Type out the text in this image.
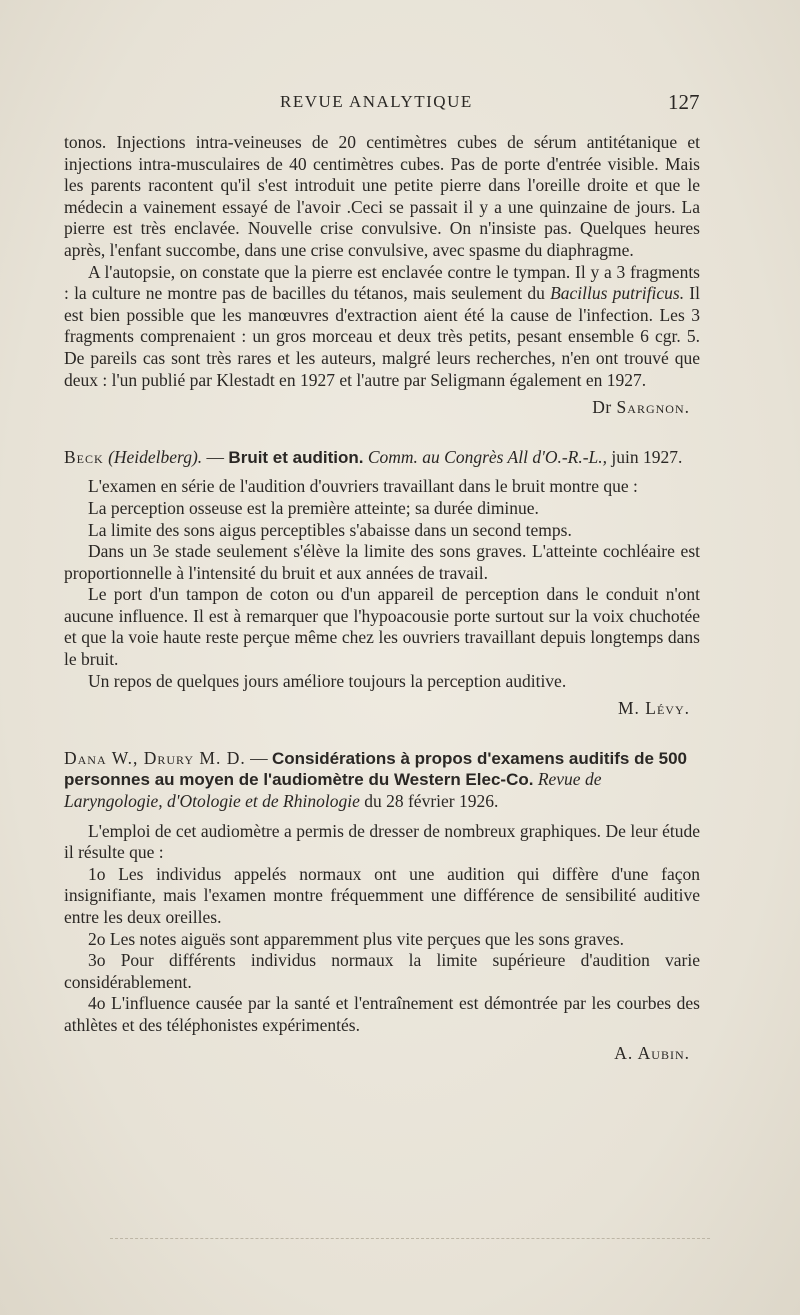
REVUE ANALYTIQUE	127

tonos. Injections intra-veineuses de 20 centimètres cubes de sérum antitétanique et injections intra-musculaires de 40 centimètres cubes. Pas de porte d'entrée visible. Mais les parents racontent qu'il s'est introduit une petite pierre dans l'oreille droite et que le médecin a vainement essayé de l'avoir .Ceci se passait il y a une quinzaine de jours. La pierre est très enclavée. Nouvelle crise convulsive. On n'insiste pas. Quelques heures après, l'enfant succombe, dans une crise convulsive, avec spasme du diaphragme.

A l'autopsie, on constate que la pierre est enclavée contre le tympan. Il y a 3 fragments : la culture ne montre pas de bacilles du tétanos, mais seulement du Bacillus putrificus. Il est bien possible que les manœuvres d'extraction aient été la cause de l'infection. Les 3 fragments comprenaient : un gros morceau et deux très petits, pesant ensemble 6 cgr. 5. De pareils cas sont très rares et les auteurs, malgré leurs recherches, n'en ont trouvé que deux : l'un publié par Klestadt en 1927 et l'autre par Seligmann également en 1927.

Dr Sargnon.

Beck (Heidelberg). — Bruit et audition. Comm. au Congrès All d'O.-R.-L., juin 1927.

L'examen en série de l'audition d'ouvriers travaillant dans le bruit montre que :

La perception osseuse est la première atteinte; sa durée diminue.

La limite des sons aigus perceptibles s'abaisse dans un second temps.

Dans un 3e stade seulement s'élève la limite des sons graves. L'atteinte cochléaire est proportionnelle à l'intensité du bruit et aux années de travail.

Le port d'un tampon de coton ou d'un appareil de perception dans le conduit n'ont aucune influence. Il est à remarquer que l'hypoacousie porte surtout sur la voix chuchotée et que la voie haute reste perçue même chez les ouvriers travaillant depuis longtemps dans le bruit.

Un repos de quelques jours améliore toujours la perception auditive.

M. Lévy.

Dana W., Drury M. D. — Considérations à propos d'examens auditifs de 500 personnes au moyen de l'audiomètre du Western Elec-Co. Revue de Laryngologie, d'Otologie et de Rhinologie du 28 février 1926.

L'emploi de cet audiomètre a permis de dresser de nombreux graphiques. De leur étude il résulte que :

1o Les individus appelés normaux ont une audition qui diffère d'une façon insignifiante, mais l'examen montre fréquemment une différence de sensibilité auditive entre les deux oreilles.

2o Les notes aiguës sont apparemment plus vite perçues que les sons graves.

3o Pour différents individus normaux la limite supérieure d'audition varie considérablement.

4o L'influence causée par la santé et l'entraînement est démontrée par les courbes des athlètes et des téléphonistes expérimentés.

A. Aubin.
